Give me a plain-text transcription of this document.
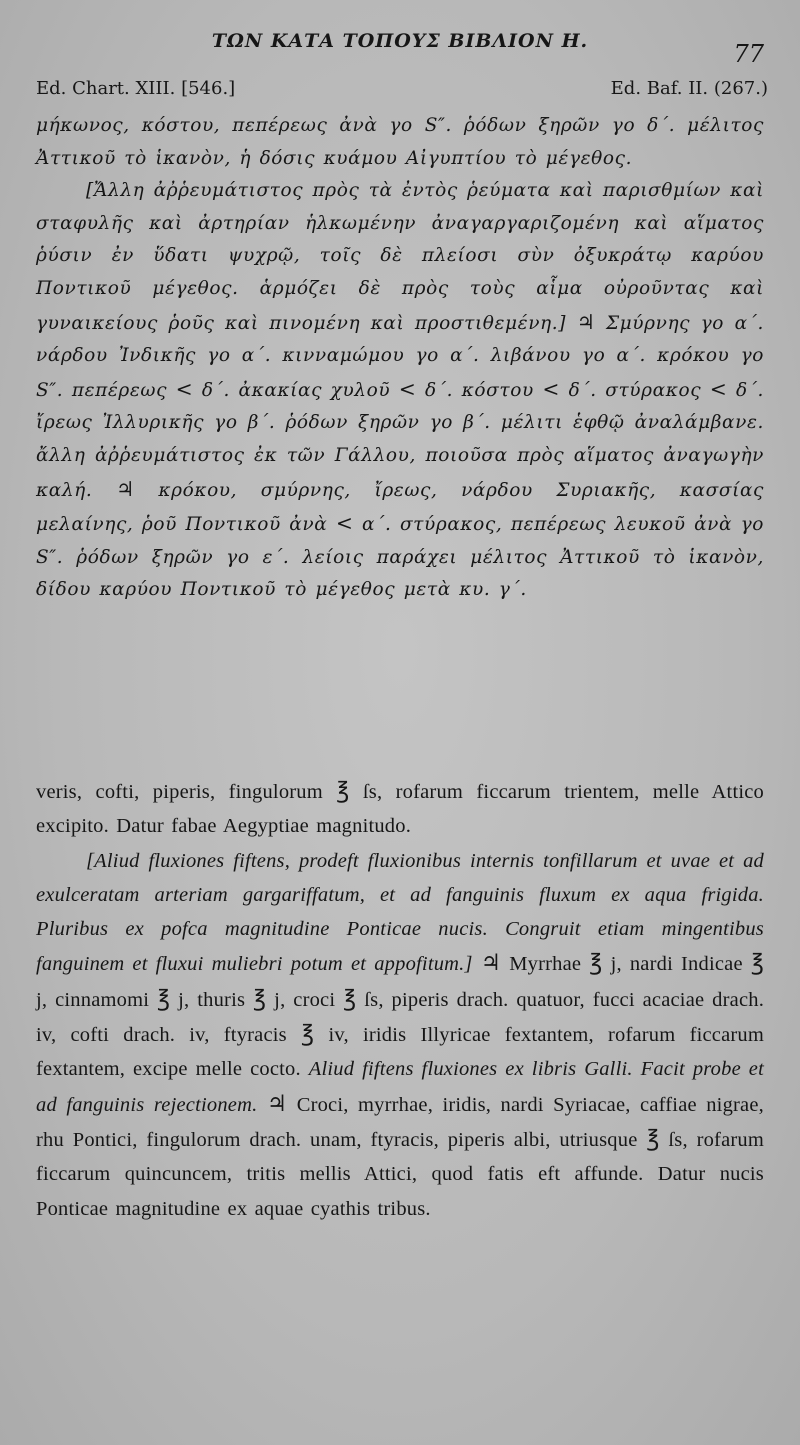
ΤΩΝ ΚΑΤΑ ΤΟΠΟΥΣ ΒΙΒΛΙΟΝ Η.	77
Ed. Chart. XIII. [546.]	Ed. Baf. II. (267.)

μήκωνος, κόστου, πεπέρεως ἀνὰ γο S″. ῥόδων ξηρῶν γο δ΄. μέλιτος Ἀττικοῦ τὸ ἱκανὸν, ἡ δόσις κυάμου Αἰγυπτίου τὸ μέγεθος.

[Ἄλλη ἀῤῥευμάτιστος πρὸς τὰ ἐντὸς ῥεύματα καὶ παρισθμίων καὶ σταφυλῆς καὶ ἀρτηρίαν ἡλκωμένην ἀναγαργαριζομένη καὶ αἵματος ῥύσιν ἐν ὕδατι ψυχρῷ, τοῖς δὲ πλείοσι σὺν ὀξυκράτῳ καρύου Ποντικοῦ μέγεθος. ἁρμόζει δὲ πρὸς τοὺς αἷμα οὐροῦντας καὶ γυναικείους ῥοῦς καὶ πινομένη καὶ προστιθεμένη.] ♃ Σμύρνης γο α΄. νάρδου Ἰνδικῆς γο α΄. κινναμώμου γο α΄. λιβάνου γο α΄. κρόκου γο S″. πεπέρεως < δ΄. ἀκακίας χυλοῦ < δ΄. κόστου < δ΄. στύρακος < δ΄. ἴρεως Ἰλλυρικῆς γο β΄. ῥόδων ξηρῶν γο β΄. μέλιτι ἑφθῷ ἀναλάμβανε. ἄλλη ἀῤῥευμάτιστος ἐκ τῶν Γάλλου, ποιοῦσα πρὸς αἵματος ἀναγωγὴν καλή. ♃ κρόκου, σμύρνης, ἴρεως, νάρδου Συριακῆς, κασσίας μελαίνης, ῥοῦ Ποντικοῦ ἀνὰ < α΄. στύρακος, πεπέρεως λευκοῦ ἀνὰ γο S″. ῥόδων ξηρῶν γο ε΄. λείοις παράχει μέλιτος Ἀττικοῦ τὸ ἱκανὸν, δίδου καρύου Ποντικοῦ τὸ μέγεθος μετὰ κυ. γ΄.

veris, cofti, piperis, fingulorum ℥ ſs, rofarum ficcarum trientem, melle Attico excipito. Datur fabae Aegyptiae magnitudo.

[Aliud fluxiones fiftens, prodeft fluxionibus internis tonfillarum et uvae et ad exulceratam arteriam gargariffatum, et ad fanguinis fluxum ex aqua frigida. Pluribus ex pofca magnitudine Ponticae nucis. Congruit etiam mingentibus fanguinem et fluxui muliebri potum et appofitum.] ♃ Myrrhae ℥ j, nardi Indicae ℥ j, cinnamomi ℥ j, thuris ℥ j, croci ℥ ſs, piperis drach. quatuor, fucci acaciae drach. iv, cofti drach. iv, ftyracis ℥ iv, iridis Illyricae fextantem, rofarum ficcarum fextantem, excipe melle cocto. Aliud fiftens fluxiones ex libris Galli. Facit probe et ad fanguinis rejectionem. ♃ Croci, myrrhae, iridis, nardi Syriacae, caffiae nigrae, rhu Pontici, fingulorum drach. unam, ftyracis, piperis albi, utriusque ℥ ſs, rofarum ficcarum quincuncem, tritis mellis Attici, quod fatis eft affunde. Datur nucis Ponticae magnitudine ex aquae cyathis tribus.
